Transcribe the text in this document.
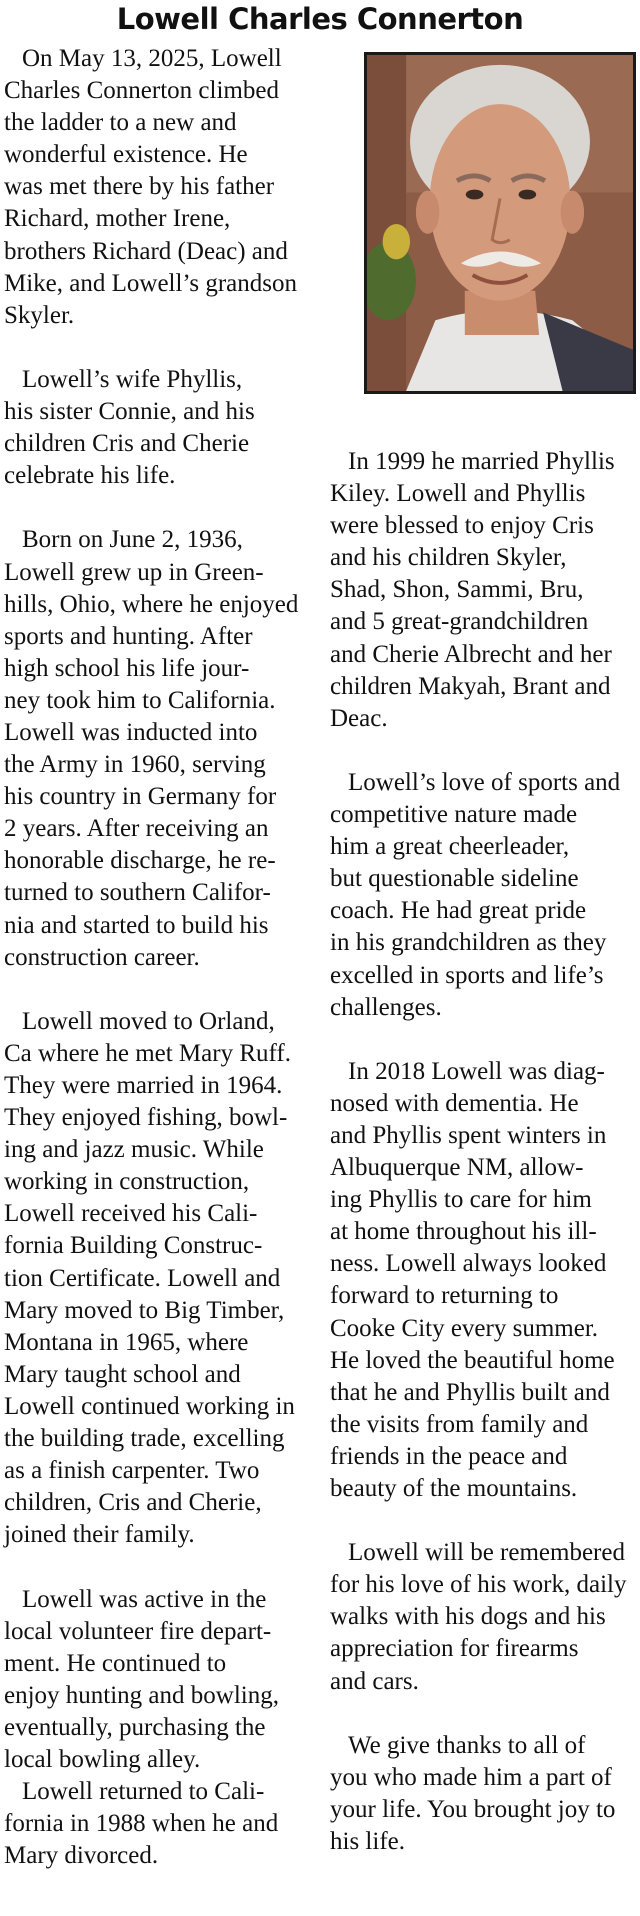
Lowell Charles Connerton
On May 13, 2025, Lowell
Charles Connerton climbed
the ladder to a new and
wonderful existence. He
was met there by his father
Richard, mother Irene,
brothers Richard (Deac) and
Mike, and Lowell’s grandson
Skyler.
Lowell’s wife Phyllis,
his sister Connie, and his
children Cris and Cherie
celebrate his life.
Born on June 2, 1936,
Lowell grew up in Green-
hills, Ohio, where he enjoyed
sports and hunting. After
high school his life jour-
ney took him to California.
Lowell was inducted into
the Army in 1960, serving
his country in Germany for
2 years. After receiving an
honorable discharge, he re-
turned to southern Califor-
nia and started to build his
construction career.
Lowell moved to Orland,
Ca where he met Mary Ruff.
They were married in 1964.
They enjoyed fishing, bowl-
ing and jazz music. While
working in construction,
Lowell received his Cali-
fornia Building Construc-
tion Certificate. Lowell and
Mary moved to Big Timber,
Montana in 1965, where
Mary taught school and
Lowell continued working in
the building trade, excelling
as a finish carpenter. Two
children, Cris and Cherie,
joined their family.
Lowell was active in the
local volunteer fire depart-
ment. He continued to
enjoy hunting and bowling,
eventually, purchasing the
local bowling alley.
Lowell returned to Cali-
fornia in 1988 when he and
Mary divorced.
In 1999 he married Phyllis
Kiley. Lowell and Phyllis
were blessed to enjoy Cris
and his children Skyler,
Shad, Shon, Sammi, Bru,
and 5 great-grandchildren
and Cherie Albrecht and her
children Makyah, Brant and
Deac.
Lowell’s love of sports and
competitive nature made
him a great cheerleader,
but questionable sideline
coach. He had great pride
in his grandchildren as they
excelled in sports and life’s
challenges.
In 2018 Lowell was diag-
nosed with dementia. He
and Phyllis spent winters in
Albuquerque NM, allow-
ing Phyllis to care for him
at home throughout his ill-
ness. Lowell always looked
forward to returning to
Cooke City every summer.
He loved the beautiful home
that he and Phyllis built and
the visits from family and
friends in the peace and
beauty of the mountains.
Lowell will be remembered
for his love of his work, daily
walks with his dogs and his
appreciation for firearms
and cars.
We give thanks to all of
you who made him a part of
your life. You brought joy to
his life.
